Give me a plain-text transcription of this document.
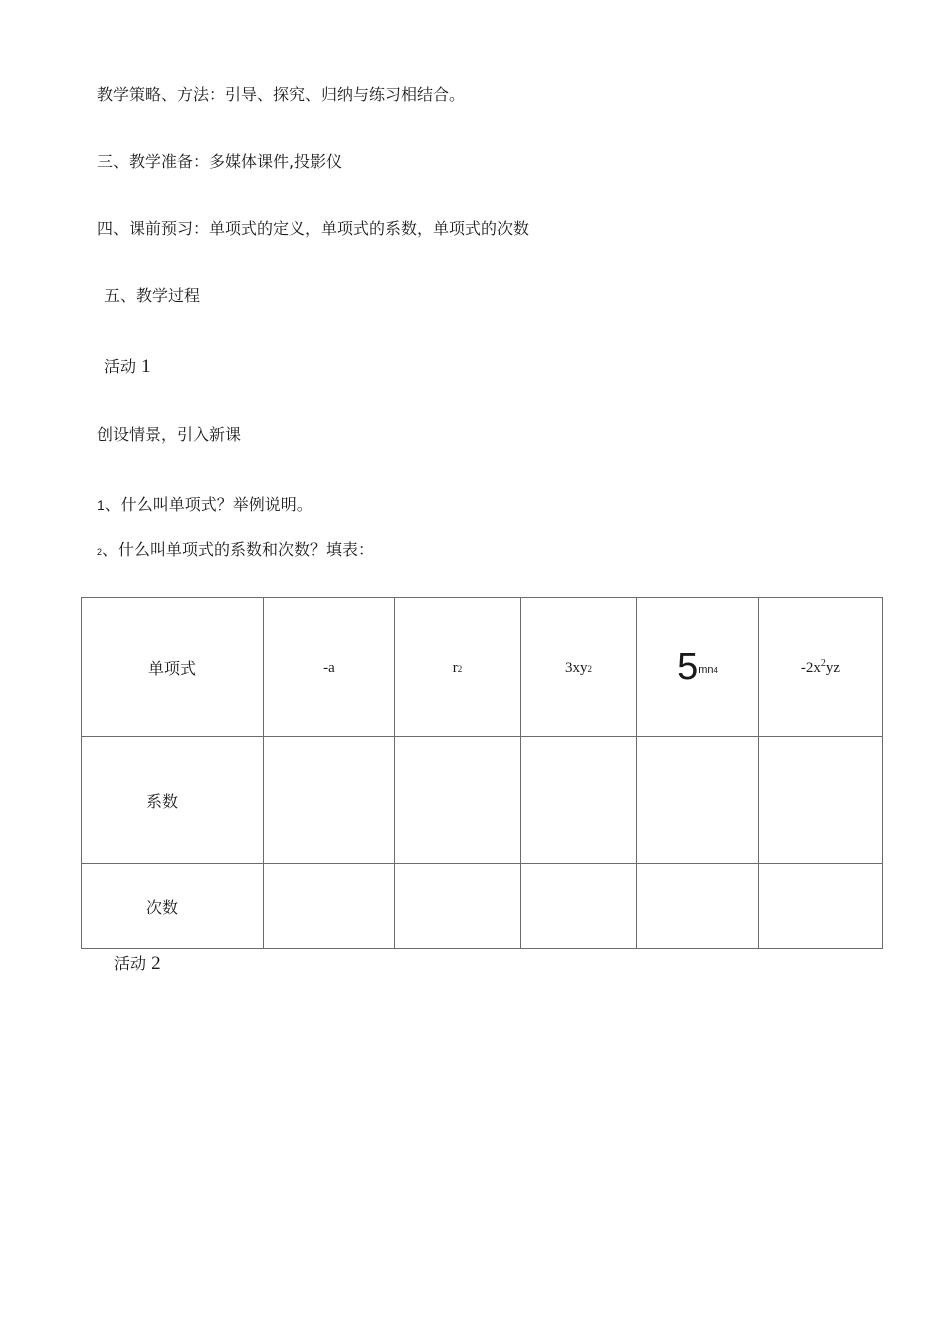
教学策略、方法：引导、探究、归纳与练习相结合。
三、教学准备：多媒体课件,投影仪
四、课前预习：单项式的定义，单项式的系数，单项式的次数
五、教学过程
活动 1
创设情景，引入新课
1、什么叫单项式？举例说明。
2、什么叫单项式的系数和次数？填表：
单项式	-a	r2	3xy2	5mn4	$-2x^2yz$
系数					
次数					
活动 2
